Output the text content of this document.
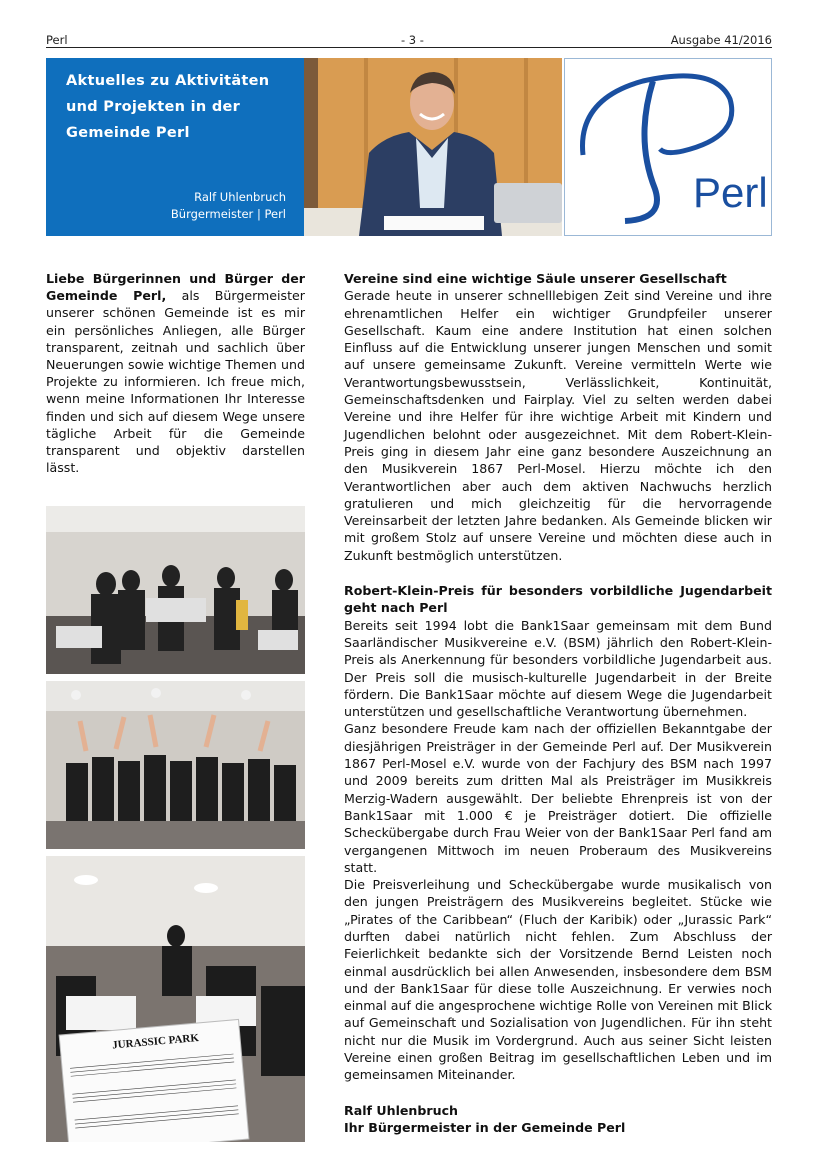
Perl	- 3 -	Ausgabe 41/2016
Aktuelles zu Aktivitäten
und Projekten in der
Gemeinde Perl
Ralf Uhlenbruch
Bürgermeister | Perl	Perl

Liebe Bürgerinnen und Bürger der Gemeinde Perl, als Bürgermeister unserer schönen Gemeinde ist es mir ein persönliches Anliegen, alle Bürger transparent, zeitnah und sachlich über Neuerungen sowie wichtige Themen und Projekte zu informieren. Ich freue mich, wenn meine Informationen Ihr Interesse finden und sich auf diesem Wege unsere tägliche Arbeit für die Gemeinde transparent und objektiv darstellen lässt.

JURASSIC PARK

Vereine sind eine wichtige Säule unserer Gesellschaft

Gerade heute in unserer schnelllebigen Zeit sind Vereine und ihre ehrenamtlichen Helfer ein wichtiger Grundpfeiler unserer Gesellschaft. Kaum eine andere Institution hat einen solchen Einfluss auf die Entwicklung unserer jungen Menschen und somit auf unsere gemeinsame Zukunft. Vereine vermitteln Werte wie Verantwortungsbewusstsein, Verlässlichkeit, Kontinuität, Gemeinschaftsdenken und Fairplay. Viel zu selten werden dabei Vereine und ihre Helfer für ihre wichtige Arbeit mit Kindern und Jugendlichen belohnt oder ausgezeichnet. Mit dem Robert-Klein-Preis ging in diesem Jahr eine ganz besondere Auszeichnung an den Musikverein 1867 Perl-Mosel. Hierzu möchte ich den Verantwortlichen aber auch dem aktiven Nachwuchs herzlich gratulieren und mich gleichzeitig für die hervorragende Vereinsarbeit der letzten Jahre bedanken. Als Gemeinde blicken wir mit großem Stolz auf unsere Vereine und möchten diese auch in Zukunft bestmöglich unterstützen.

Robert-Klein-Preis für besonders vorbildliche Jugendarbeit geht nach Perl

Bereits seit 1994 lobt die Bank1Saar gemeinsam mit dem Bund Saarländischer Musikvereine e.V. (BSM) jährlich den Robert-Klein-Preis als Anerkennung für besonders vorbildliche Jugendarbeit aus. Der Preis soll die musisch-kulturelle Jugendarbeit in der Breite fördern. Die Bank1Saar möchte auf diesem Wege die Jugendarbeit unterstützen und gesellschaftliche Verantwortung übernehmen.

Ganz besondere Freude kam nach der offiziellen Bekanntgabe der diesjährigen Preisträger in der Gemeinde Perl auf. Der Musikverein 1867 Perl-Mosel e.V. wurde von der Fachjury des BSM nach 1997 und 2009 bereits zum dritten Mal als Preisträger im Musikkreis Merzig-Wadern ausgewählt. Der beliebte Ehrenpreis ist von der Bank1Saar mit 1.000 € je Preisträger dotiert. Die offizielle Scheckübergabe durch Frau Weier von der Bank1Saar Perl fand am vergangenen Mittwoch im neuen Proberaum des Musikvereins statt.

Die Preisverleihung und Scheckübergabe wurde musikalisch von den jungen Preisträgern des Musikvereins begleitet. Stücke wie „Pirates of the Caribbean“ (Fluch der Karibik) oder „Jurassic Park“ durften dabei natürlich nicht fehlen. Zum Abschluss der Feierlichkeit bedankte sich der Vorsitzende Bernd Leisten noch einmal ausdrücklich bei allen Anwesenden, insbesondere dem BSM und der Bank1Saar für diese tolle Auszeichnung. Er verwies noch einmal auf die angesprochene wichtige Rolle von Vereinen mit Blick auf Gemeinschaft und Sozialisation von Jugendlichen. Für ihn steht nicht nur die Musik im Vordergrund. Auch aus seiner Sicht leisten Vereine einen großen Beitrag im gesellschaftlichen Leben und im gemeinsamen Miteinander.

Ralf Uhlenbruch

Ihr Bürgermeister in der Gemeinde Perl
